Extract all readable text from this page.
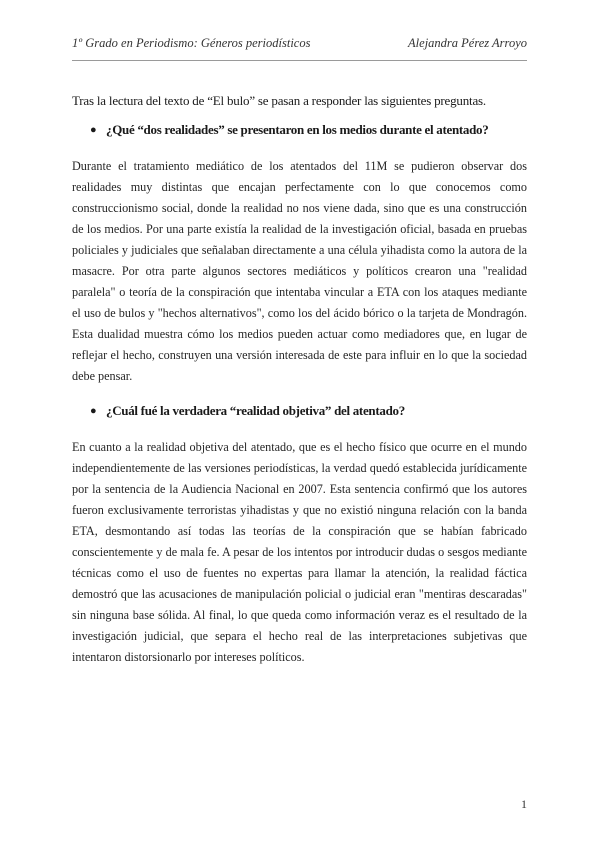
1º Grado en Periodismo: Géneros periodísticos	Alejandra Pérez Arroyo

Tras la lectura del texto de “El bulo” se pasan a responder las siguientes preguntas.

● ¿Qué “dos realidades” se presentaron en los medios durante el atentado?

Durante el tratamiento mediático de los atentados del 11M se pudieron observar dos realidades muy distintas que encajan perfectamente con lo que conocemos como construccionismo social, donde la realidad no nos viene dada, sino que es una construcción de los medios. Por una parte existía la realidad de la investigación oficial, basada en pruebas policiales y judiciales que señalaban directamente a una célula yihadista como la autora de la masacre. Por otra parte algunos sectores mediáticos y políticos crearon una "realidad paralela" o teoría de la conspiración que intentaba vincular a ETA con los ataques mediante el uso de bulos y "hechos alternativos", como los del ácido bórico o la tarjeta de Mondragón. Esta dualidad muestra cómo los medios pueden actuar como mediadores que, en lugar de reflejar el hecho, construyen una versión interesada de este para influir en lo que la sociedad debe pensar.

● ¿Cuál fué la verdadera “realidad objetiva” del atentado?

En cuanto a la realidad objetiva del atentado, que es el hecho físico que ocurre en el mundo independientemente de las versiones periodísticas, la verdad quedó establecida jurídicamente por la sentencia de la Audiencia Nacional en 2007. Esta sentencia confirmó que los autores fueron exclusivamente terroristas yihadistas y que no existió ninguna relación con la banda ETA, desmontando así todas las teorías de la conspiración que se habían fabricado conscientemente y de mala fe. A pesar de los intentos por introducir dudas o sesgos mediante técnicas como el uso de fuentes no expertas para llamar la atención, la realidad fáctica demostró que las acusaciones de manipulación policial o judicial eran "mentiras descaradas" sin ninguna base sólida. Al final, lo que queda como información veraz es el resultado de la investigación judicial, que separa el hecho real de las interpretaciones subjetivas que intentaron distorsionarlo por intereses políticos.

1
